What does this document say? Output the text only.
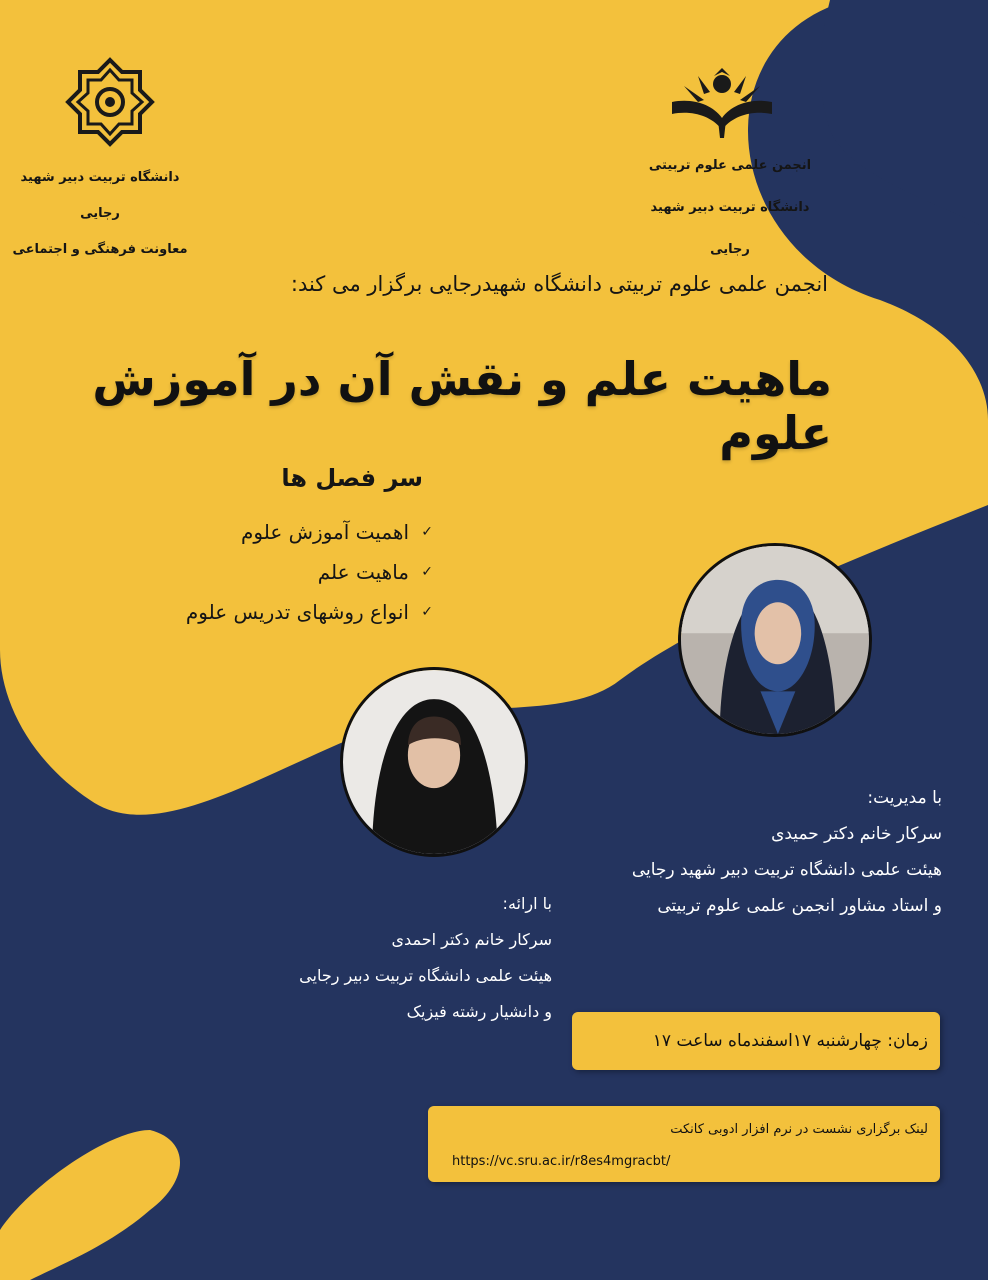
دانشگاه تربیت دبیر شهید رجایی
معاونت فرهنگی و اجتماعی
انجمن علمی علوم تربیتی
دانشگاه تربیت دبیر شهید رجایی
انجمن علمی علوم تربیتی دانشگاه شهیدرجایی برگزار می کند:
ماهیت علم و نقش آن در آموزش علوم
سر فصل ها
✓
اهمیت آموزش علوم
✓
ماهیت علم
✓
انواع روشهای تدریس علوم
با مدیریت:
سرکار خانم دکتر حمیدی
هیئت علمی دانشگاه تربیت دبیر شهید رجایی
و استاد مشاور انجمن علمی علوم تربیتی
با ارائه:
سرکار خانم دکتر احمدی
هیئت علمی دانشگاه تربیت دبیر رجایی
و دانشیار رشته فیزیک
زمان: چهارشنبه ۱۷اسفندماه ساعت ۱۷
لینک برگزاری نشست در نرم افزار ادوبی کانکت
https://vc.sru.ac.ir/r8es4mgracbt/
